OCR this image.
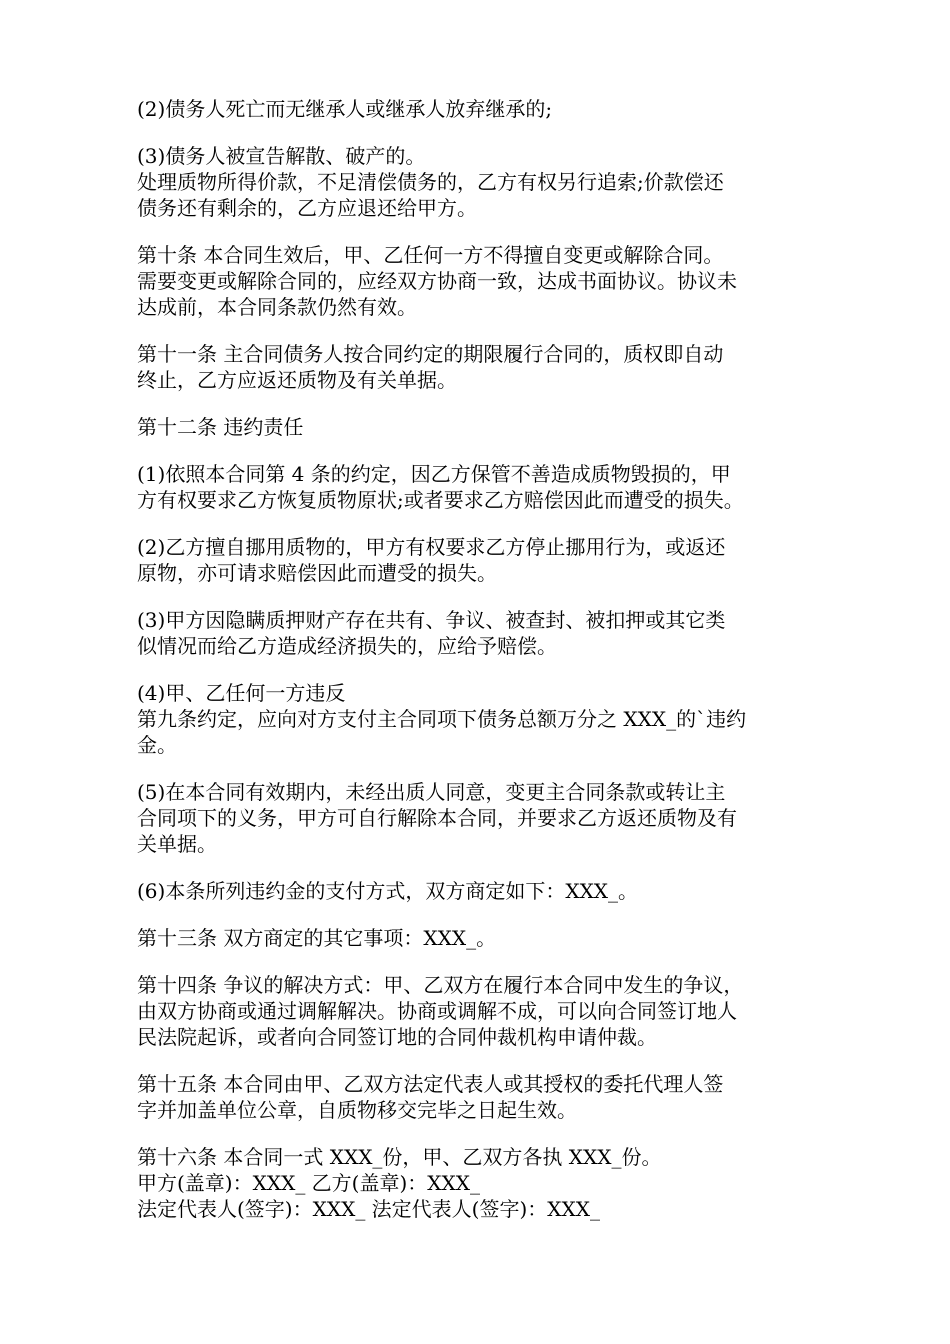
(2)债务人死亡而无继承人或继承人放弃继承的;
(3)债务人被宣告解散、破产的。
处理质物所得价款，不足清偿债务的，乙方有权另行追索;价款偿还
债务还有剩余的，乙方应退还给甲方。
第十条 本合同生效后，甲、乙任何一方不得擅自变更或解除合同。
需要变更或解除合同的，应经双方协商一致，达成书面协议。协议未
达成前，本合同条款仍然有效。
第十一条 主合同债务人按合同约定的期限履行合同的，质权即自动
终止，乙方应返还质物及有关单据。
第十二条 违约责任
(1)依照本合同第 4 条的约定，因乙方保管不善造成质物毁损的，甲
方有权要求乙方恢复质物原状;或者要求乙方赔偿因此而遭受的损失。
(2)乙方擅自挪用质物的，甲方有权要求乙方停止挪用行为，或返还
原物，亦可请求赔偿因此而遭受的损失。
(3)甲方因隐瞒质押财产存在共有、争议、被查封、被扣押或其它类
似情况而给乙方造成经济损失的，应给予赔偿。
(4)甲、乙任何一方违反
第九条约定，应向对方支付主合同项下债务总额万分之 XXX_的`违约
金。
(5)在本合同有效期内，未经出质人同意，变更主合同条款或转让主
合同项下的义务，甲方可自行解除本合同，并要求乙方返还质物及有
关单据。
(6)本条所列违约金的支付方式，双方商定如下：XXX_。
第十三条 双方商定的其它事项：XXX_。
第十四条 争议的解决方式：甲、乙双方在履行本合同中发生的争议，
由双方协商或通过调解解决。协商或调解不成，可以向合同签订地人
民法院起诉，或者向合同签订地的合同仲裁机构申请仲裁。
第十五条 本合同由甲、乙双方法定代表人或其授权的委托代理人签
字并加盖单位公章，自质物移交完毕之日起生效。
第十六条 本合同一式 XXX_份，甲、乙双方各执 XXX_份。
甲方(盖章)：XXX_ 乙方(盖章)：XXX_
法定代表人(签字)：XXX_ 法定代表人(签字)：XXX_
